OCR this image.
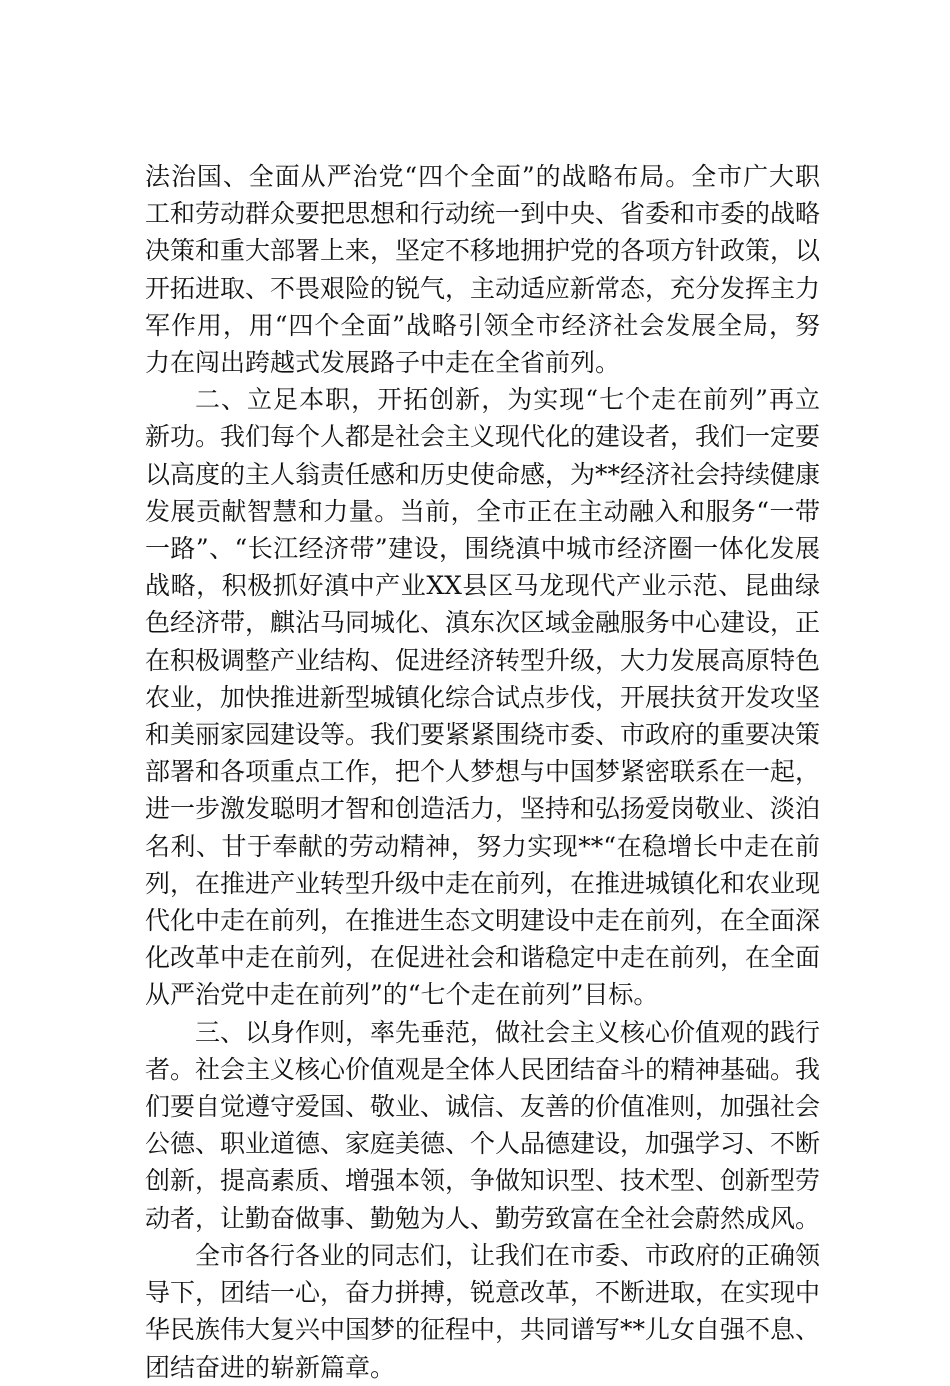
法治国、全面从严治党“四个全面”的战略布局。全市广大职工和劳动群众要把思想和行动统一到中央、省委和市委的战略决策和重大部署上来，坚定不移地拥护党的各项方针政策，以开拓进取、不畏艰险的锐气，主动适应新常态，充分发挥主力军作用，用“四个全面”战略引领全市经济社会发展全局，努力在闯出跨越式发展路子中走在全省前列。

二、立足本职，开拓创新，为实现“七个走在前列”再立新功。我们每个人都是社会主义现代化的建设者，我们一定要以高度的主人翁责任感和历史使命感，为**经济社会持续健康发展贡献智慧和力量。当前，全市正在主动融入和服务“一带一路”、“长江经济带”建设，围绕滇中城市经济圈一体化发展战略，积极抓好滇中产业XX县区马龙现代产业示范、昆曲绿色经济带，麒沾马同城化、滇东次区域金融服务中心建设，正在积极调整产业结构、促进经济转型升级，大力发展高原特色农业，加快推进新型城镇化综合试点步伐，开展扶贫开发攻坚和美丽家园建设等。我们要紧紧围绕市委、市政府的重要决策部署和各项重点工作，把个人梦想与中国梦紧密联系在一起，进一步激发聪明才智和创造活力，坚持和弘扬爱岗敬业、淡泊名利、甘于奉献的劳动精神，努力实现**“在稳增长中走在前列，在推进产业转型升级中走在前列，在推进城镇化和农业现代化中走在前列，在推进生态文明建设中走在前列，在全面深化改革中走在前列，在促进社会和谐稳定中走在前列，在全面从严治党中走在前列”的“七个走在前列”目标。

三、以身作则，率先垂范，做社会主义核心价值观的践行者。社会主义核心价值观是全体人民团结奋斗的精神基础。我们要自觉遵守爱国、敬业、诚信、友善的价值准则，加强社会公德、职业道德、家庭美德、个人品德建设，加强学习、不断创新，提高素质、增强本领，争做知识型、技术型、创新型劳动者，让勤奋做事、勤勉为人、勤劳致富在全社会蔚然成风。

全市各行各业的同志们，让我们在市委、市政府的正确领导下，团结一心，奋力拼搏，锐意改革，不断进取，在实现中华民族伟大复兴中国梦的征程中，共同谱写**儿女自强不息、团结奋进的崭新篇章。
